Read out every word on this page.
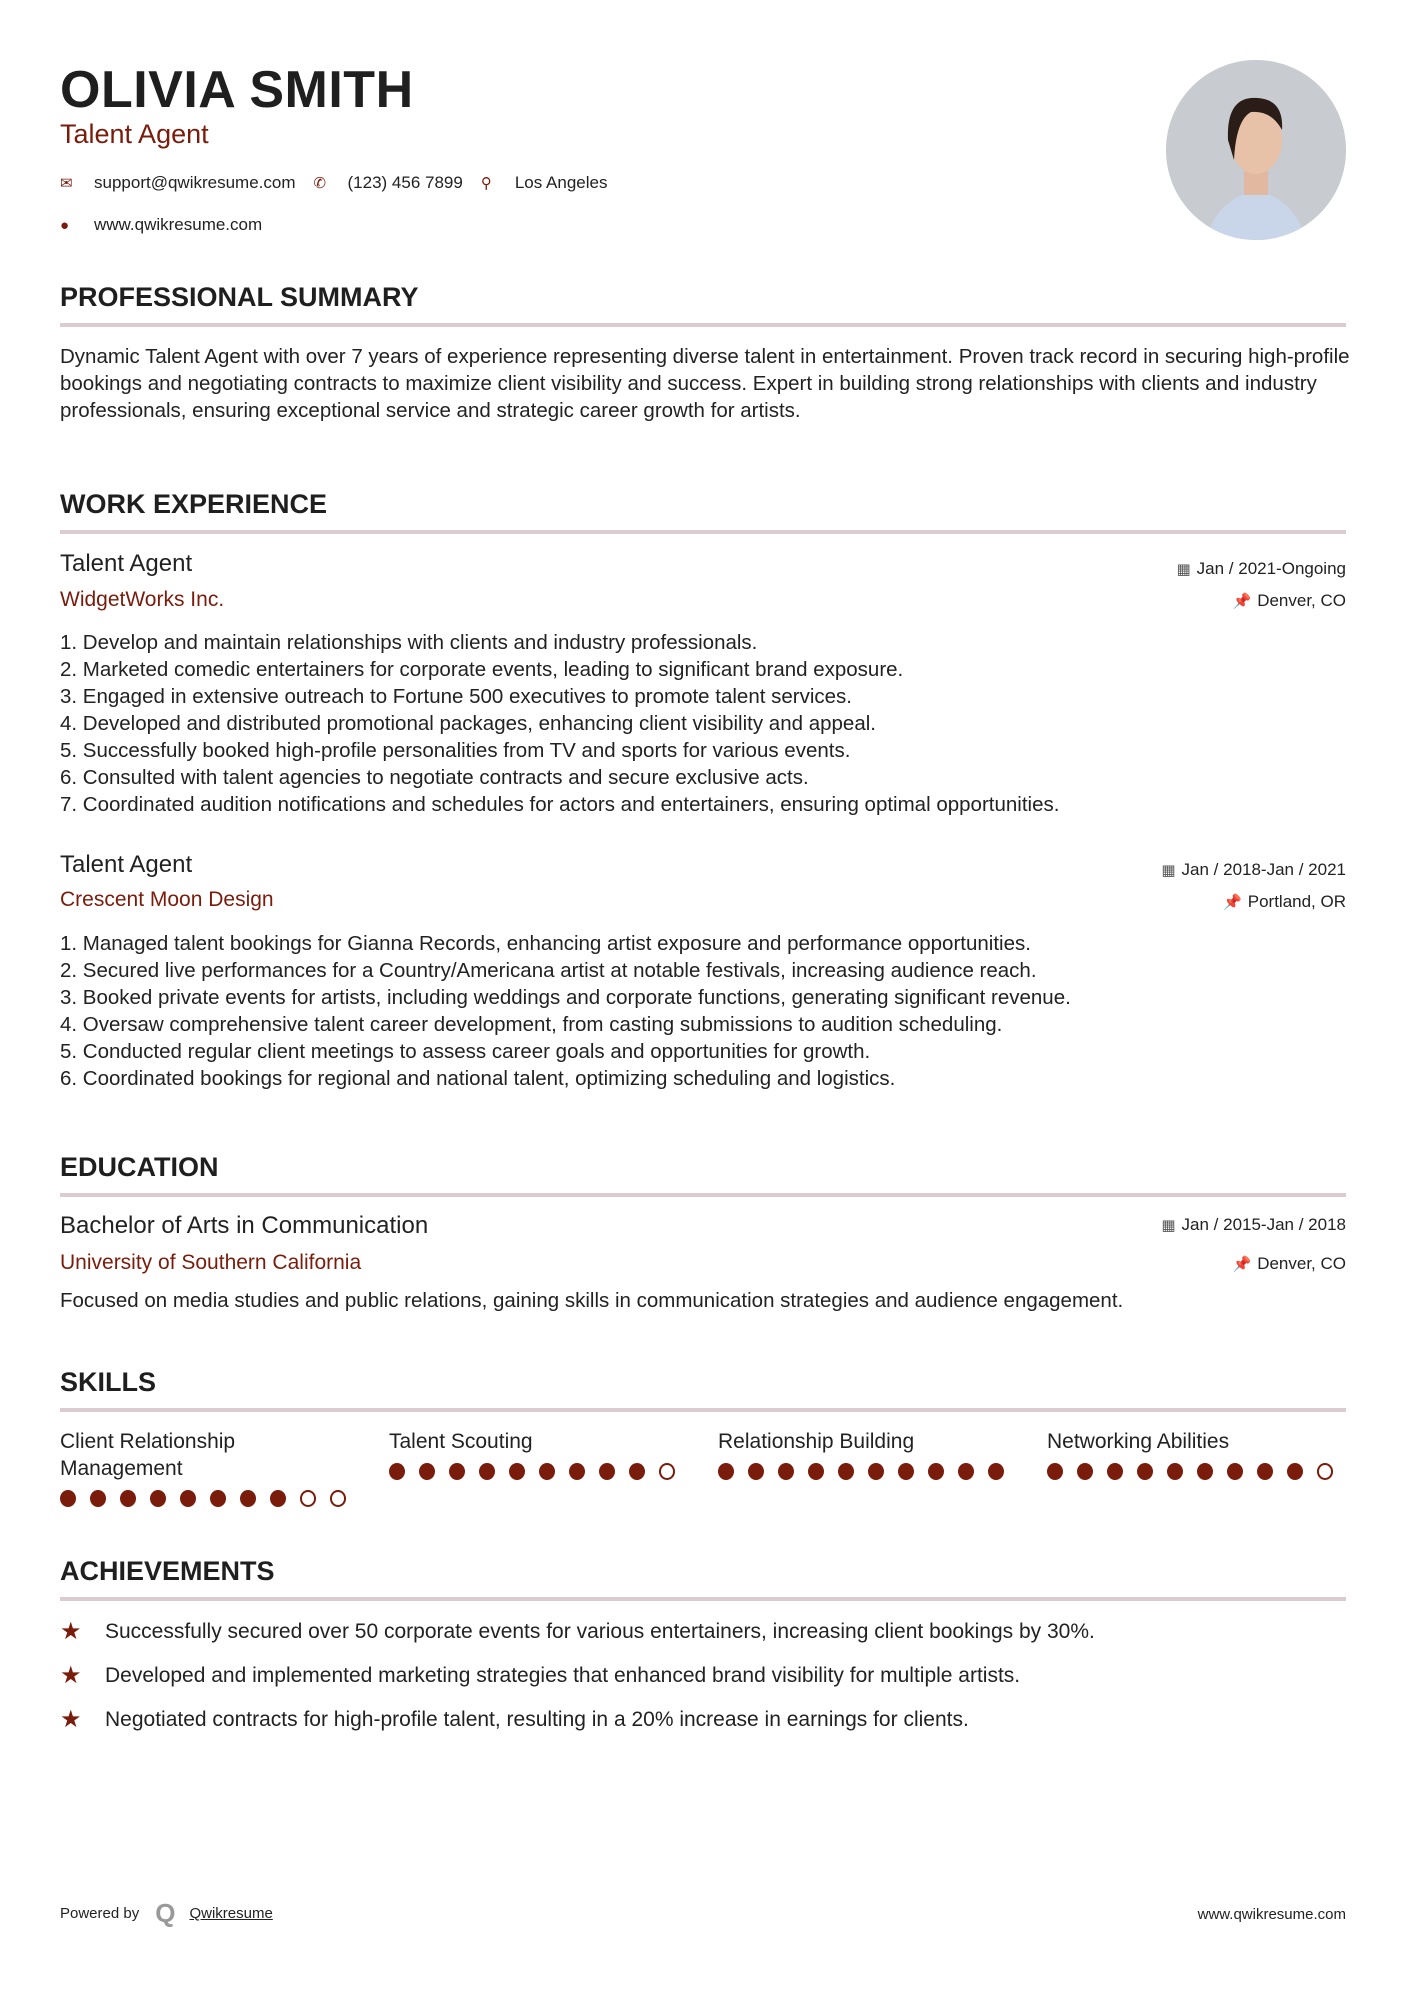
OLIVIA SMITH
Talent Agent
✉	support@qwikresume.com ✆	(123) 456 7899 ⚲	Los Angeles
●	www.qwikresume.com
PROFESSIONAL SUMMARY
Dynamic Talent Agent with over 7 years of experience representing diverse talent in entertainment. Proven track record in securing high-profile bookings and negotiating contracts to maximize client visibility and success. Expert in building strong relationships with clients and industry professionals, ensuring exceptional service and strategic career growth for artists.
WORK EXPERIENCE
Talent Agent
WidgetWorks Inc.
▦ Jan / 2021-Ongoing
📌 Denver, CO
1. Develop and maintain relationships with clients and industry professionals.
2. Marketed comedic entertainers for corporate events, leading to significant brand exposure.
3. Engaged in extensive outreach to Fortune 500 executives to promote talent services.
4. Developed and distributed promotional packages, enhancing client visibility and appeal.
5. Successfully booked high-profile personalities from TV and sports for various events.
6. Consulted with talent agencies to negotiate contracts and secure exclusive acts.
7. Coordinated audition notifications and schedules for actors and entertainers, ensuring optimal opportunities.
Talent Agent
Crescent Moon Design
▦ Jan / 2018-Jan / 2021
📌 Portland, OR
1. Managed talent bookings for Gianna Records, enhancing artist exposure and performance opportunities.
2. Secured live performances for a Country/Americana artist at notable festivals, increasing audience reach.
3. Booked private events for artists, including weddings and corporate functions, generating significant revenue.
4. Oversaw comprehensive talent career development, from casting submissions to audition scheduling.
5. Conducted regular client meetings to assess career goals and opportunities for growth.
6. Coordinated bookings for regional and national talent, optimizing scheduling and logistics.
EDUCATION
Bachelor of Arts in Communication
University of Southern California
▦ Jan / 2015-Jan / 2018
📌 Denver, CO
Focused on media studies and public relations, gaining skills in communication strategies and audience engagement.
SKILLS
Client Relationship Management
Talent Scouting	Relationship Building	Networking Abilities
ACHIEVEMENTS
★	Successfully secured over 50 corporate events for various entertainers, increasing client bookings by 30%.
★	Developed and implemented marketing strategies that enhanced brand visibility for multiple artists.
★	Negotiated contracts for high-profile talent, resulting in a 20% increase in earnings for clients.
Powered by Q Qwikresume	www.qwikresume.com
